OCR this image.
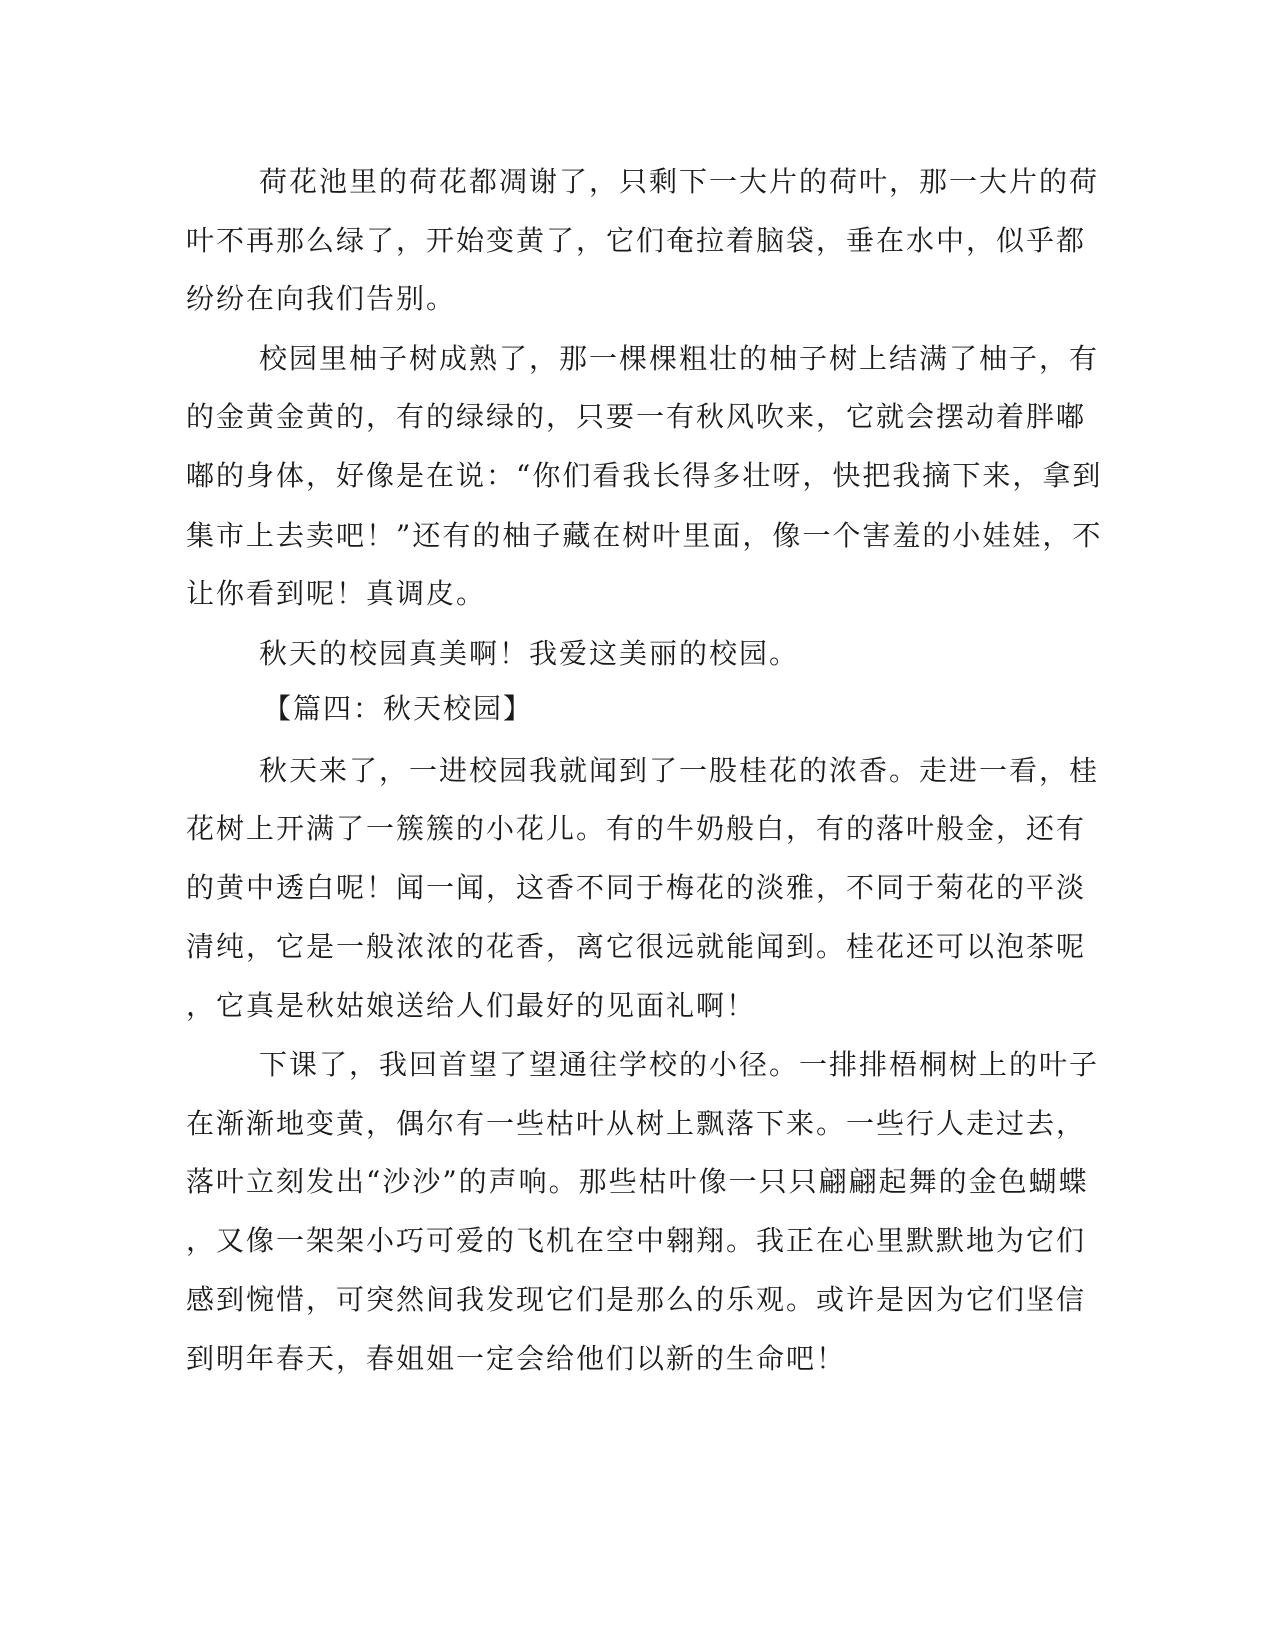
荷花池里的荷花都凋谢了，只剩下一大片的荷叶，那一大片的荷
叶不再那么绿了，开始变黄了，它们奄拉着脑袋，垂在水中，似乎都
纷纷在向我们告别。
校园里柚子树成熟了，那一棵棵粗壮的柚子树上结满了柚子，有
的金黄金黄的，有的绿绿的，只要一有秋风吹来，它就会摆动着胖嘟
嘟的身体，好像是在说：“你们看我长得多壮呀，快把我摘下来，拿到
集市上去卖吧！”还有的柚子藏在树叶里面，像一个害羞的小娃娃，不
让你看到呢！真调皮。
秋天的校园真美啊！我爱这美丽的校园。
【篇四：秋天校园】
秋天来了，一进校园我就闻到了一股桂花的浓香。走进一看，桂
花树上开满了一簇簇的小花儿。有的牛奶般白，有的落叶般金，还有
的黄中透白呢！闻一闻，这香不同于梅花的淡雅，不同于菊花的平淡
清纯，它是一般浓浓的花香，离它很远就能闻到。桂花还可以泡茶呢
，它真是秋姑娘送给人们最好的见面礼啊！
下课了，我回首望了望通往学校的小径。一排排梧桐树上的叶子
在渐渐地变黄，偶尔有一些枯叶从树上飘落下来。一些行人走过去，
落叶立刻发出“沙沙”的声响。那些枯叶像一只只翩翩起舞的金色蝴蝶
，又像一架架小巧可爱的飞机在空中翱翔。我正在心里默默地为它们
感到惋惜，可突然间我发现它们是那么的乐观。或许是因为它们坚信
到明年春天，春姐姐一定会给他们以新的生命吧！
